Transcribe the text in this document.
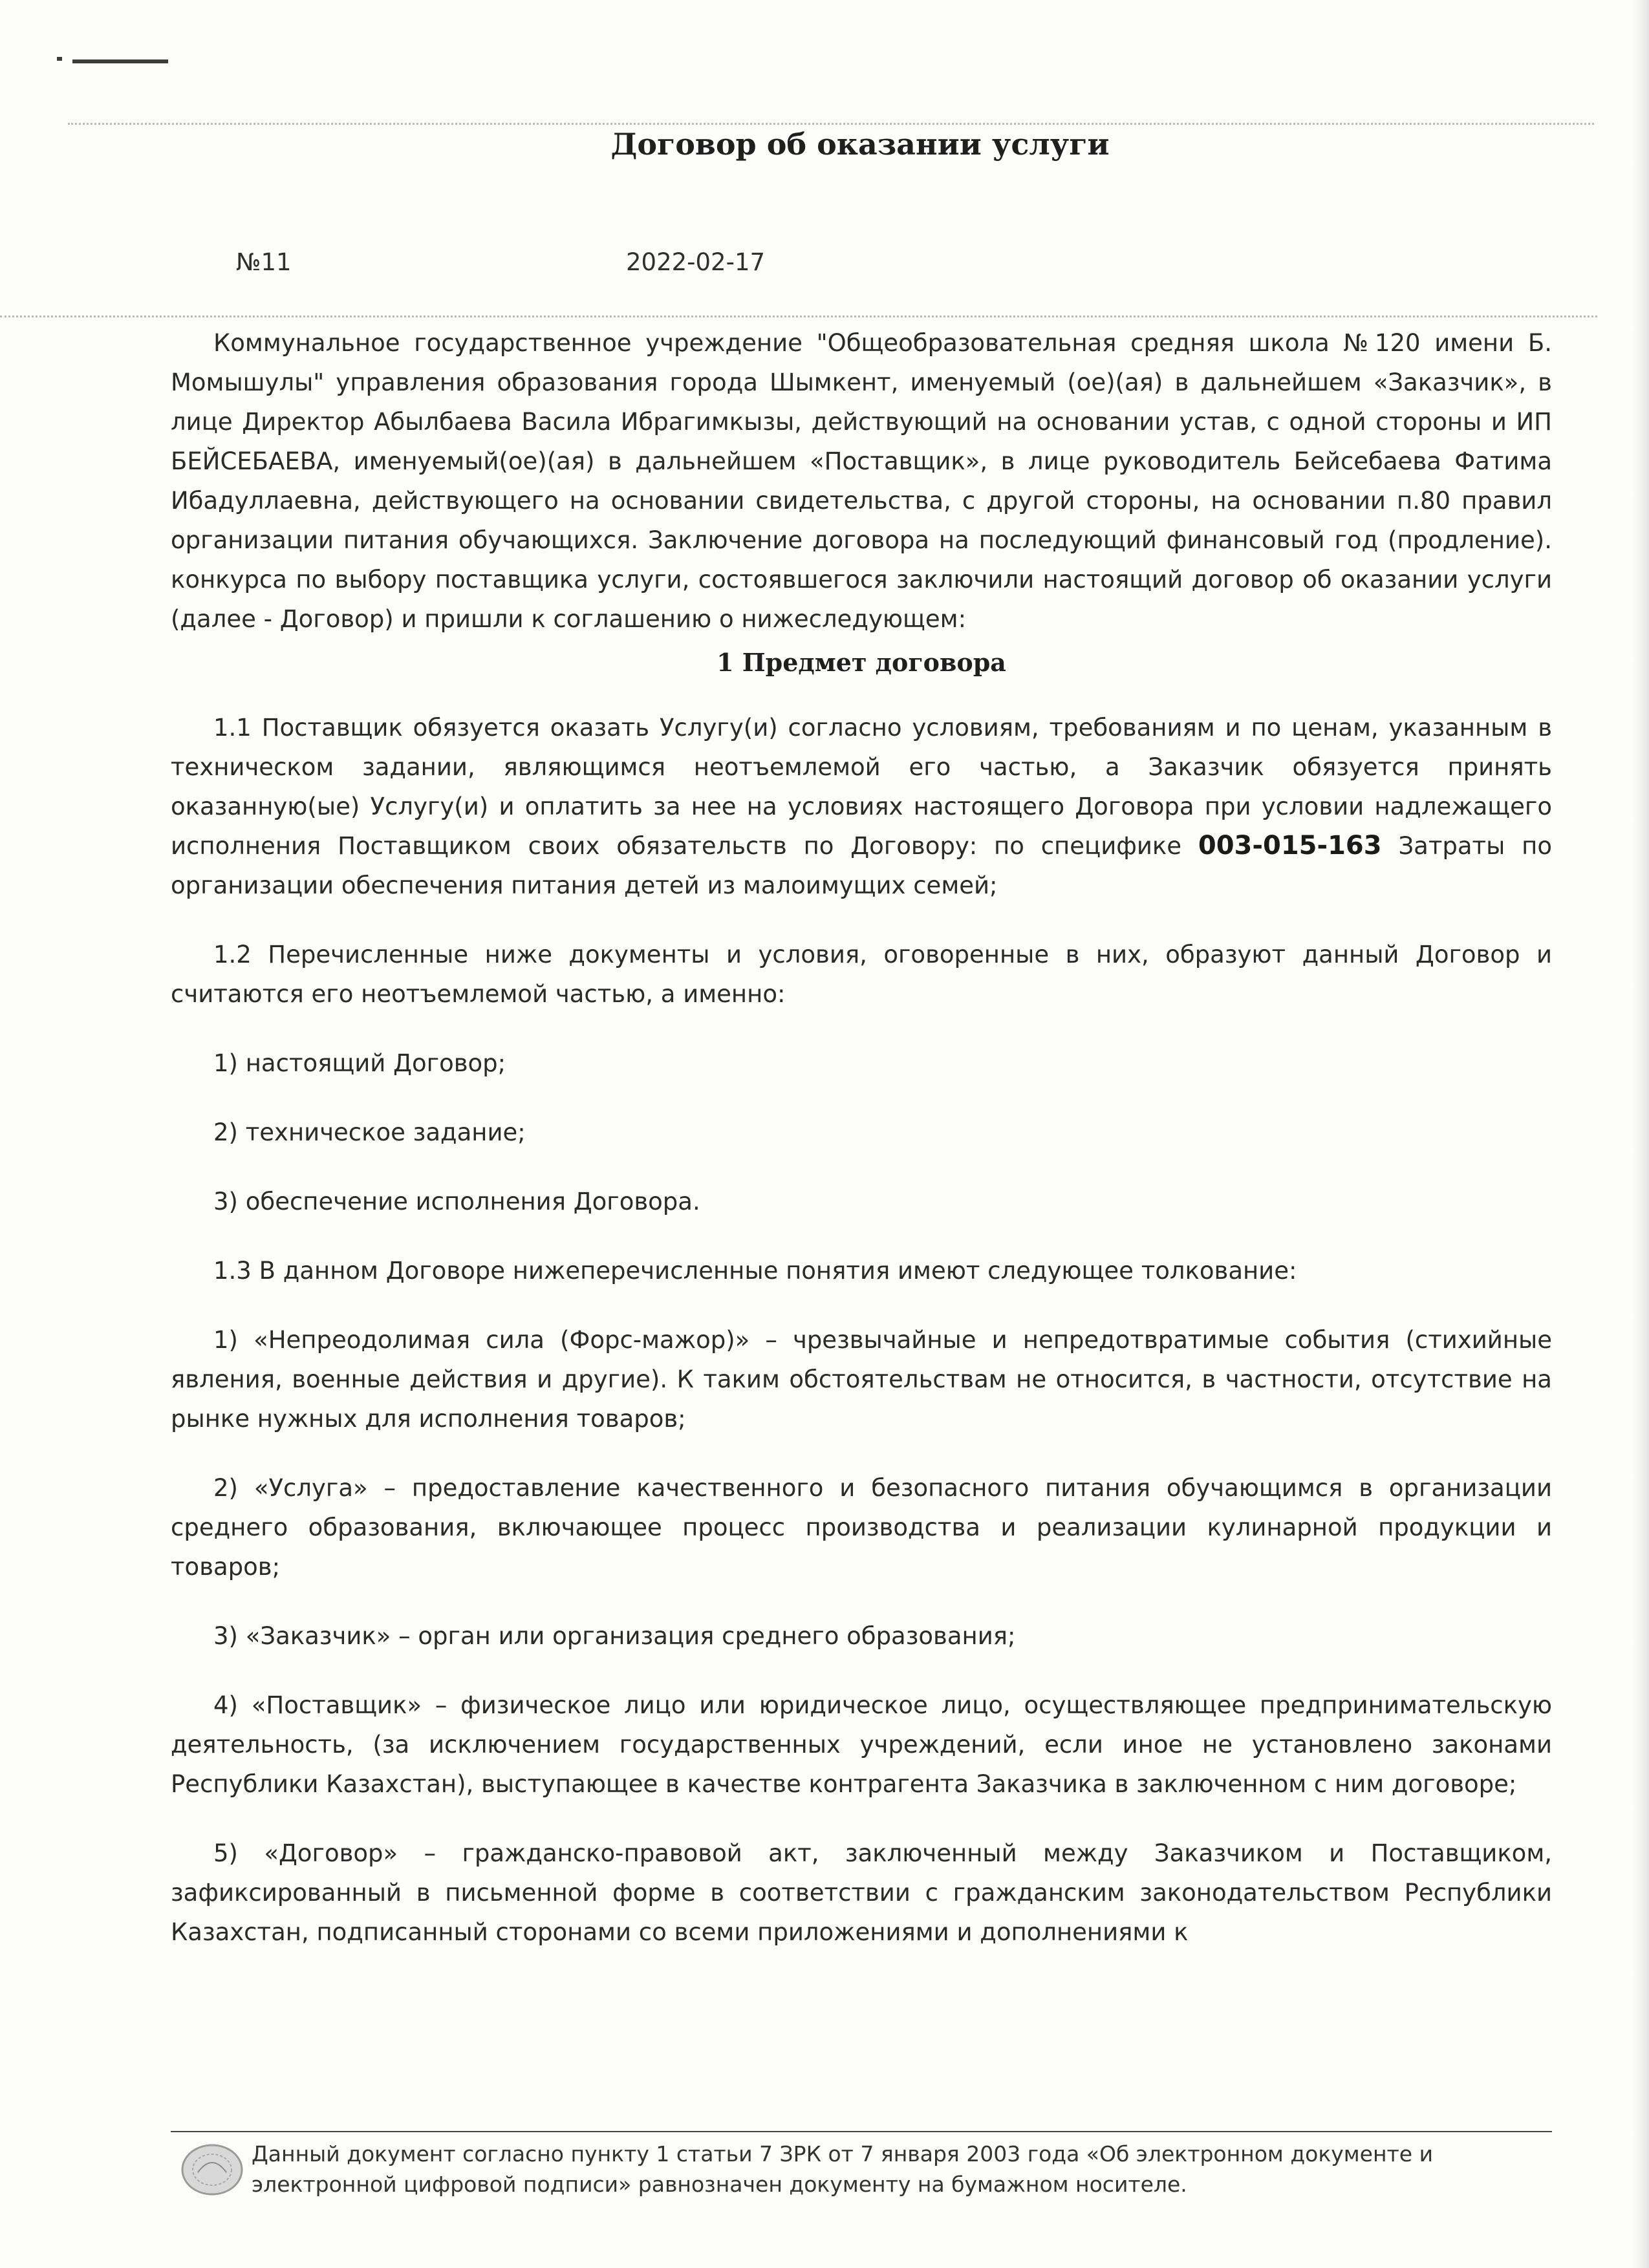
Договор об оказании услуги
№11	2022-02-17

Коммунальное государственное учреждение "Общеобразовательная средняя школа №120 имени Б. Момышулы" управления образования города Шымкент, именуемый (ое)(ая) в дальнейшем «Заказчик», в лице Директор Абылбаева Васила Ибрагимкызы, действующий на основании устав, с одной стороны и ИП БЕЙСЕБАЕВА, именуемый(ое)(ая) в дальнейшем «Поставщик», в лице руководитель Бейсебаева Фатима Ибадуллаевна, действующего на основании свидетельства, с другой стороны, на основании п.80 правил организации питания обучающихся. Заключение договора на последующий финансовый год (продление). конкурса по выбору поставщика услуги, состоявшегося заключили настоящий договор об оказании услуги (далее - Договор) и пришли к соглашению о нижеследующем:

1 Предмет договора

1.1 Поставщик обязуется оказать Услугу(и) согласно условиям, требованиям и по ценам, указанным в техническом задании, являющимся неотъемлемой его частью, а Заказчик обязуется принять оказанную(ые) Услугу(и) и оплатить за нее на условиях настоящего Договора при условии надлежащего исполнения Поставщиком своих обязательств по Договору: по спецификe 003-015-163 Затраты по организации обеспечения питания детей из малоимущих семей;

1.2 Перечисленные ниже документы и условия, оговоренные в них, образуют данный Договор и считаются его неотъемлемой частью, а именно:

1) настоящий Договор;

2) техническое задание;

3) обеспечение исполнения Договора.

1.3 В данном Договоре нижеперечисленные понятия имеют следующее толкование:

1) «Непреодолимая сила (Форс-мажор)» – чрезвычайные и непредотвратимые события (стихийные явления, военные действия и другие). К таким обстоятельствам не относится, в частности, отсутствие на рынке нужных для исполнения товаров;

2) «Услуга» – предоставление качественного и безопасного питания обучающимся в организации среднего образования, включающее процесс производства и реализации кулинарной продукции и товаров;

3) «Заказчик» – орган или организация среднего образования;

4) «Поставщик» – физическое лицо или юридическое лицо, осуществляющее предпринимательскую деятельность, (за исключением государственных учреждений, если иное не установлено законами Республики Казахстан), выступающее в качестве контрагента Заказчика в заключенном с ним договоре;

5) «Договор» – гражданско-правовой акт, заключенный между Заказчиком и Поставщиком, зафиксированный в письменной форме в соответствии с гражданским законодательством Республики Казахстан, подписанный сторонами со всеми приложениями и дополнениями к

Данный документ согласно пункту 1 статьи 7 ЗРК от 7 января 2003 года «Об электронном документе и электронной цифровой подписи» равнозначен документу на бумажном носителе.
